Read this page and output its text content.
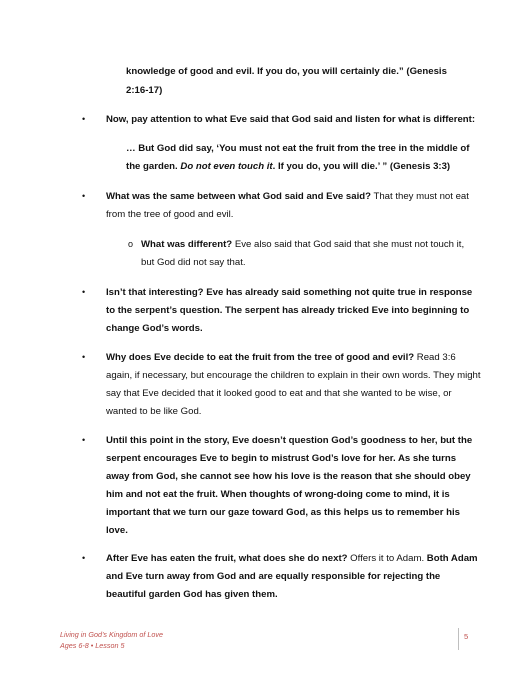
knowledge of good and evil. If you do, you will certainly die.” (Genesis
2:16-17)
• Now, pay attention to what Eve said that God said and listen for what is different:
… But God did say, ‘You must not eat the fruit from the tree in the middle of
the garden. Do not even touch it. If you do, you will die.’ ” (Genesis 3:3)
• What was the same between what God said and Eve said? That they must not eat
from the tree of good and evil.
o What was different? Eve also said that God said that she must not touch it,
but God did not say that.
• Isn’t that interesting? Eve has already said something not quite true in response
to the serpent’s question. The serpent has already tricked Eve into beginning to
change God’s words.
• Why does Eve decide to eat the fruit from the tree of good and evil? Read 3:6
again, if necessary, but encourage the children to explain in their own words. They might
say that Eve decided that it looked good to eat and that she wanted to be wise, or
wanted to be like God.
• Until this point in the story, Eve doesn’t question God’s goodness to her, but the
serpent encourages Eve to begin to mistrust God’s love for her. As she turns
away from God, she cannot see how his love is the reason that she should obey
him and not eat the fruit. When thoughts of wrong-doing come to mind, it is
important that we turn our gaze toward God, as this helps us to remember his
love.
• After Eve has eaten the fruit, what does she do next? Offers it to Adam. Both Adam
and Eve turn away from God and are equally responsible for rejecting the
beautiful garden God has given them.
Living in God’s Kingdom of Love
Ages 6-8 • Lesson 5
5
